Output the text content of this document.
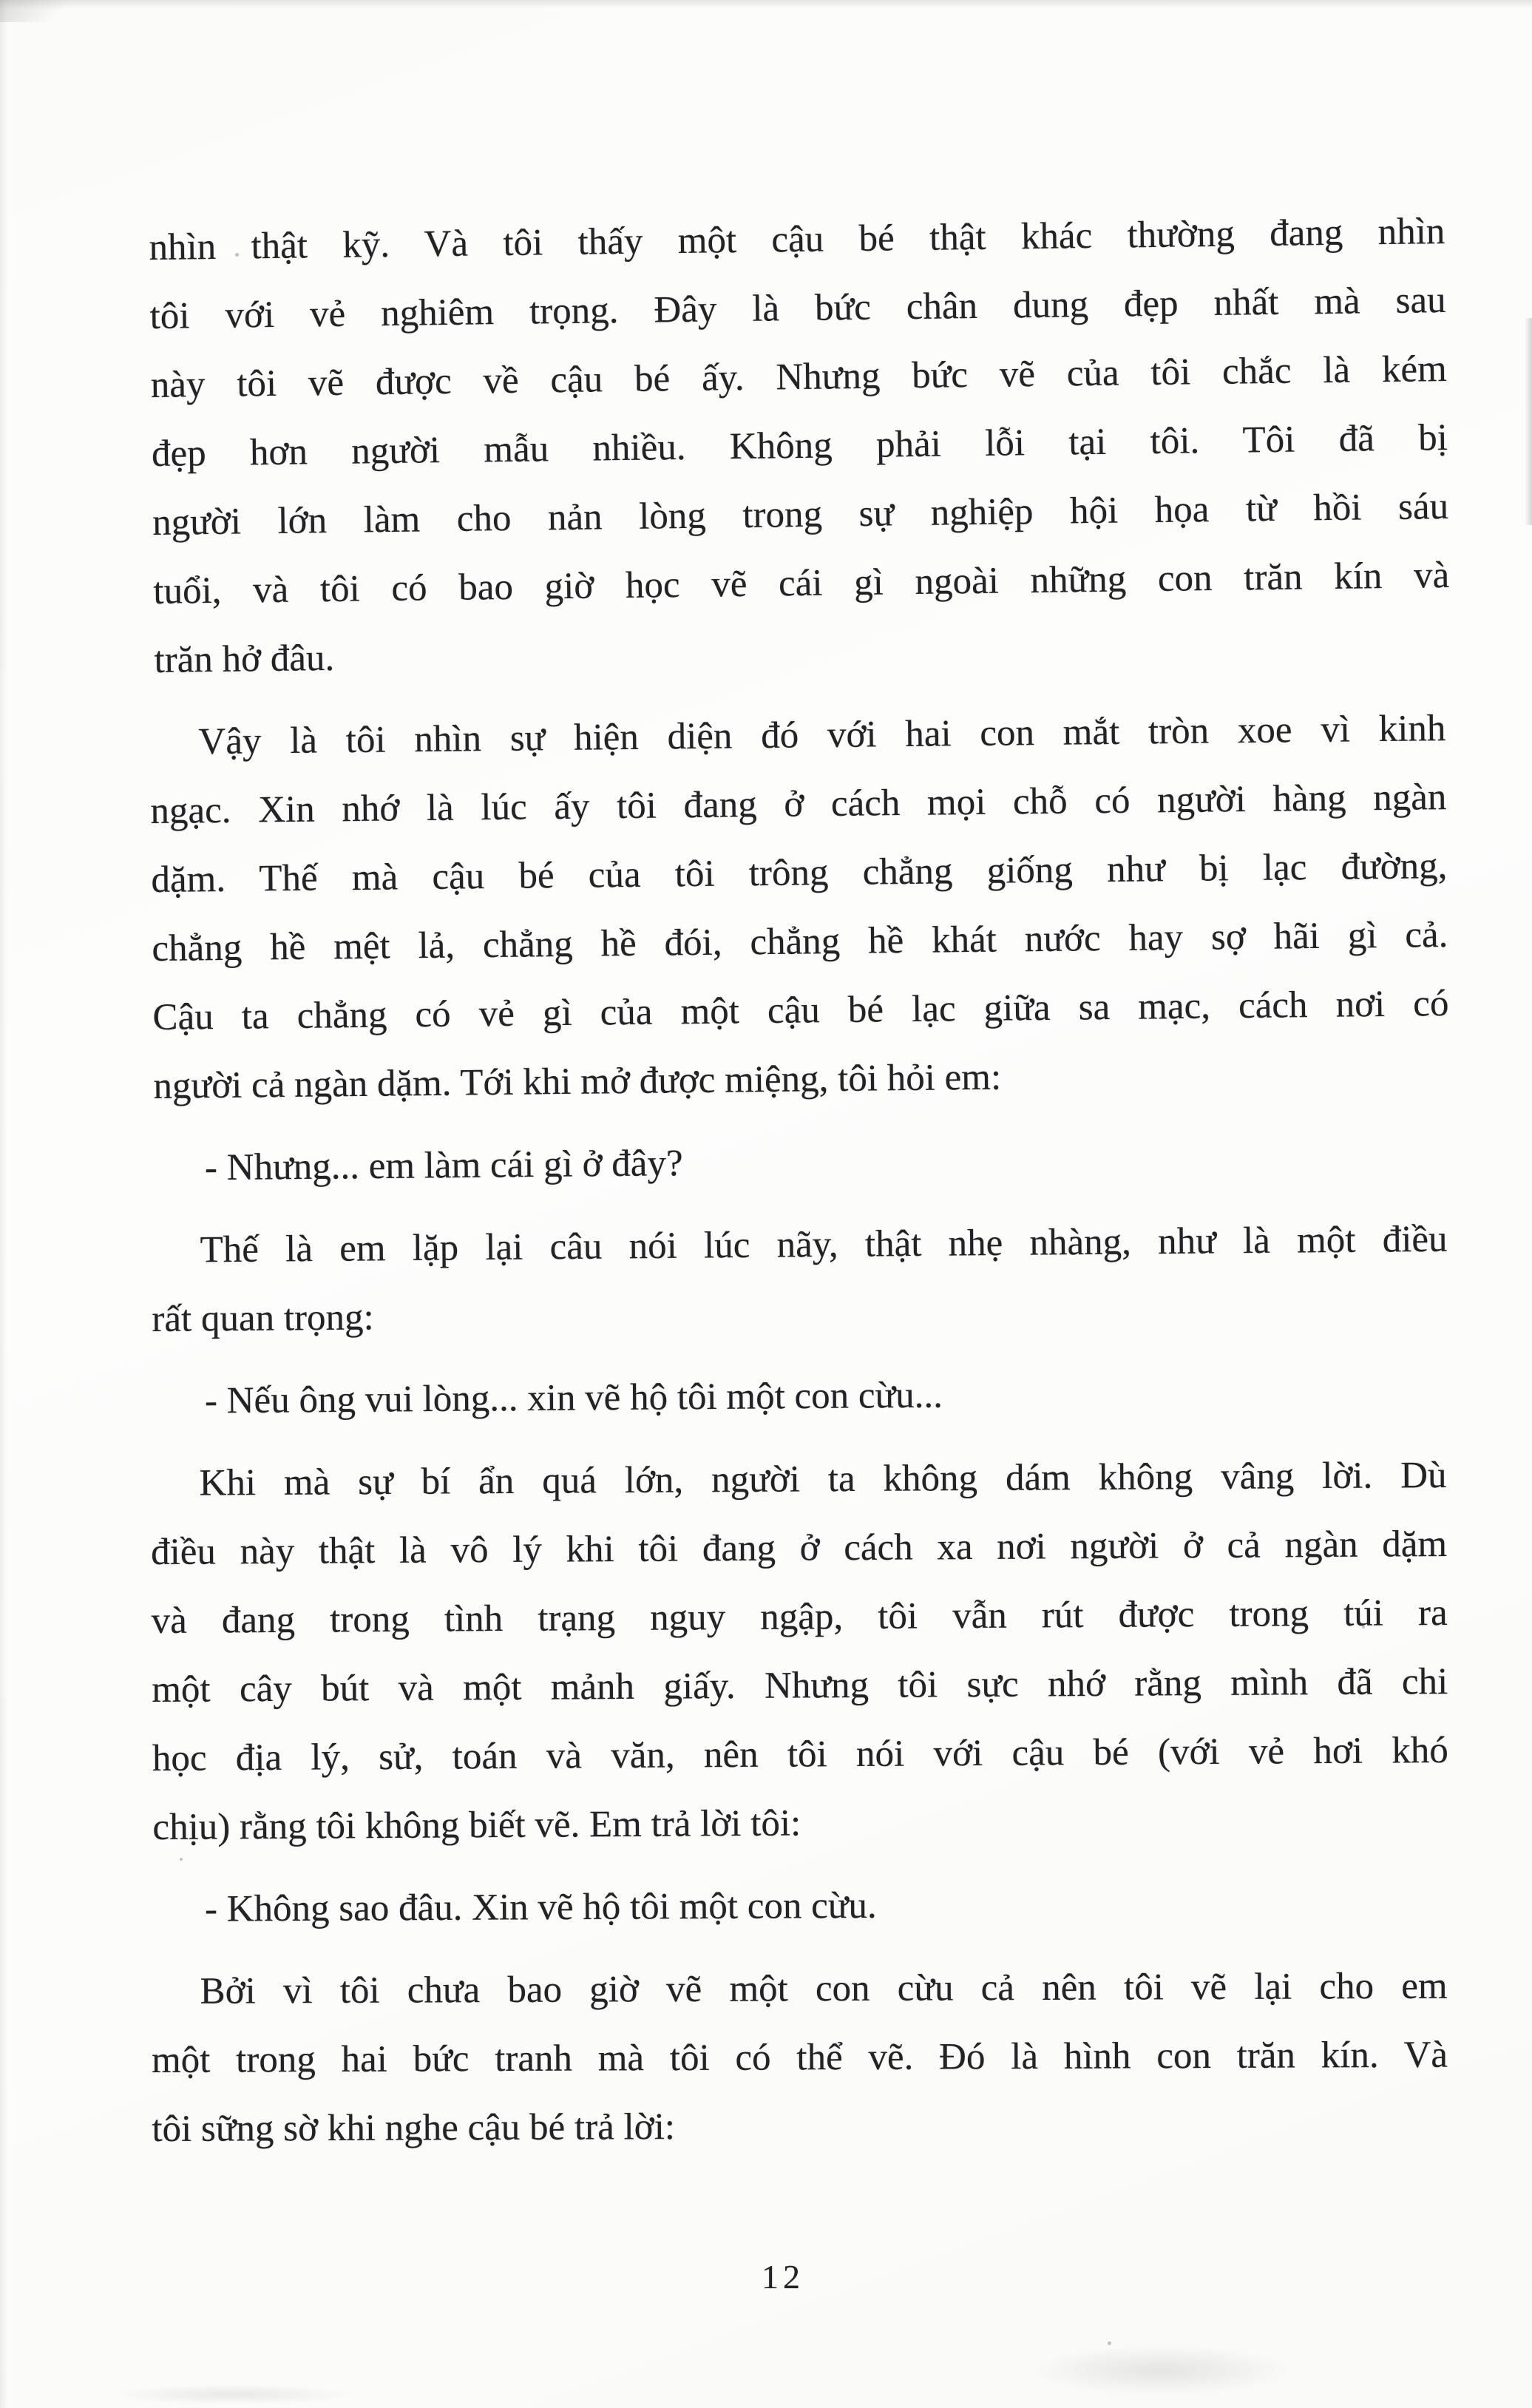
nhìn thật kỹ. Và tôi thấy một cậu bé thật khác thường đang nhìn
tôi với vẻ nghiêm trọng. Đây là bức chân dung đẹp nhất mà sau
này tôi vẽ được về cậu bé ấy. Nhưng bức vẽ của tôi chắc là kém
đẹp hơn người mẫu nhiều. Không phải lỗi tại tôi. Tôi đã bị
người lớn làm cho nản lòng trong sự nghiệp hội họa từ hồi sáu
tuổi, và tôi có bao giờ học vẽ cái gì ngoài những con trăn kín và
trăn hở đâu.
Vậy là tôi nhìn sự hiện diện đó với hai con mắt tròn xoe vì kinh
ngạc. Xin nhớ là lúc ấy tôi đang ở cách mọi chỗ có người hàng ngàn
dặm. Thế mà cậu bé của tôi trông chẳng giống như bị lạc đường,
chẳng hề mệt lả, chẳng hề đói, chẳng hề khát nước hay sợ hãi gì cả.
Cậu ta chẳng có vẻ gì của một cậu bé lạc giữa sa mạc, cách nơi có
người cả ngàn dặm. Tới khi mở được miệng, tôi hỏi em:
- Nhưng... em làm cái gì ở đây?
Thế là em lặp lại câu nói lúc nãy, thật nhẹ nhàng, như là một điều
rất quan trọng:
- Nếu ông vui lòng... xin vẽ hộ tôi một con cừu...
Khi mà sự bí ẩn quá lớn, người ta không dám không vâng lời. Dù
điều này thật là vô lý khi tôi đang ở cách xa nơi người ở cả ngàn dặm
và đang trong tình trạng nguy ngập, tôi vẫn rút được trong túi ra
một cây bút và một mảnh giấy. Nhưng tôi sực nhớ rằng mình đã chi
học địa lý, sử, toán và văn, nên tôi nói với cậu bé (với vẻ hơi khó
chịu) rằng tôi không biết vẽ. Em trả lời tôi:
- Không sao đâu. Xin vẽ hộ tôi một con cừu.
Bởi vì tôi chưa bao giờ vẽ một con cừu cả nên tôi vẽ lại cho em
một trong hai bức tranh mà tôi có thể vẽ. Đó là hình con trăn kín. Và
tôi sững sờ khi nghe cậu bé trả lời:
12
